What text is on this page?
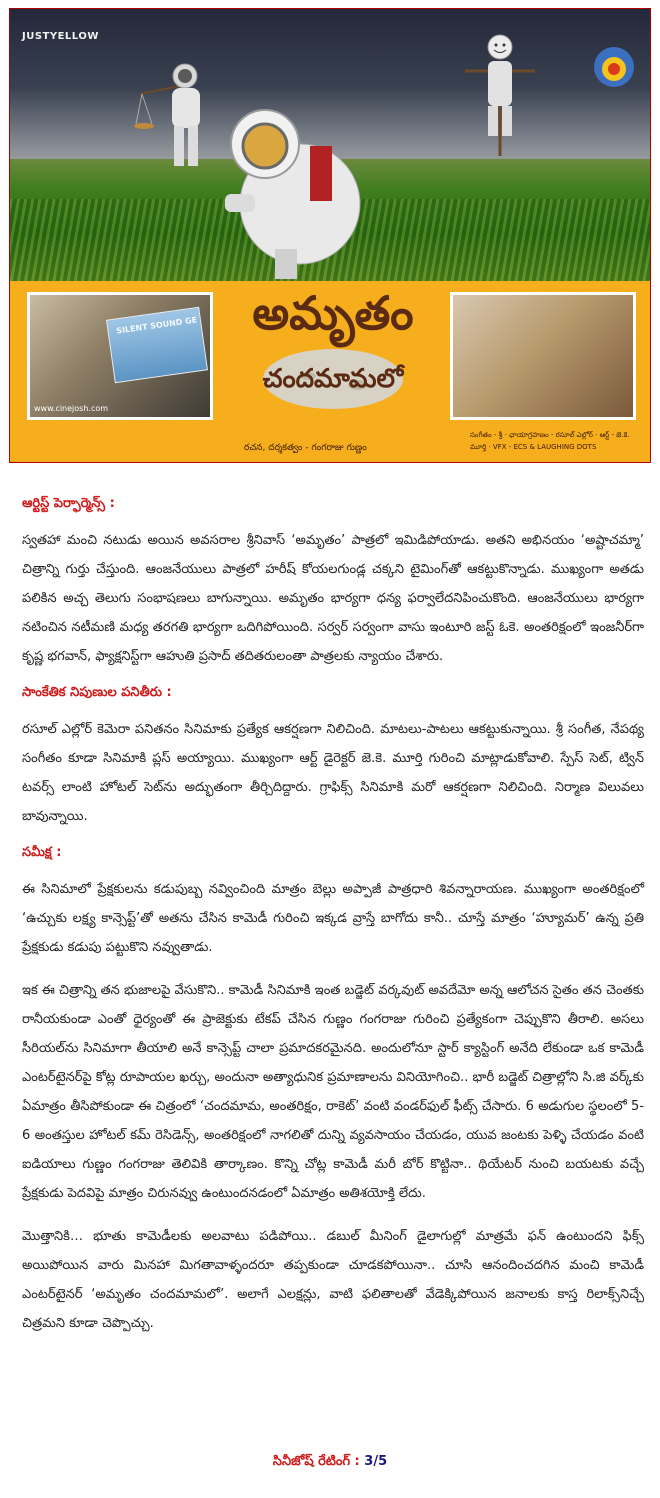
JUSTYELLOW
SILENT SOUND GE
www.cinejosh.com
అమృతం
చందమామలో
రచన, దర్శకత్వం - గంగరాజు గుణ్ణం
సంగీతం - శ్రీ · ఛాయాగ్రహణం - రసూల్ ఎల్లోర్ · ఆర్ట్ - జె.కె. మూర్తి · VFX - ECS & LAUGHING DOTS
ఆర్టిస్ట్ పెర్ఫార్మెన్స్ :

స్వతహా మంచి నటుడు అయిన అవసరాల శ్రీనివాస్ ‘అమృతం’ పాత్రలో ఇమిడిపోయాడు. అతని అభినయం ‘అష్టాచమ్మా’ చిత్రాన్ని గుర్తు చేస్తుంది. ఆంజనేయులు పాత్రలో హరీష్ కోయలగుండ్ల చక్కని టైమింగ్‌తో ఆకట్టుకొన్నాడు. ముఖ్యంగా అతడు పలికిన అచ్చ తెలుగు సంభాషణలు బాగున్నాయి. అమృతం భార్యగా ధన్య ఫర్వాలేదనిపించుకొంది. ఆంజనేయులు భార్యగా నటించిన నటీమణి మధ్య తరగతి భార్యగా ఒదిగిపోయింది. సర్వర్ సర్వంగా వాసు ఇంటూరి జస్ట్ ఓకె. అంతరిక్షంలో ఇంజనీర్‌గా కృష్ణ భగవాన్, ఫ్యాక్షనిస్ట్‌గా ఆహుతి ప్రసాద్ తదితరులంతా పాత్రలకు న్యాయం చేశారు.

సాంకేతిక నిపుణుల పనితీరు :

రసూల్ ఎల్లోర్ కెమెరా పనితనం సినిమాకు ప్రత్యేక ఆకర్షణగా నిలిచింది. మాటలు-పాటలు ఆకట్టుకున్నాయి. శ్రీ సంగీత, నేపథ్య సంగీతం కూడా సినిమాకి ప్లస్ అయ్యాయి. ముఖ్యంగా ఆర్ట్ డైరెక్టర్ జె.కె. మూర్తి గురించి మాట్లాడుకోవాలి. స్పేస్ సెట్, ట్విన్ టవర్స్ లాంటి హోటల్ సెట్‌ను అద్భుతంగా తీర్చిదిద్దారు. గ్రాఫిక్స్ సినిమాకి మరో ఆకర్షణగా నిలిచింది. నిర్మాణ విలువలు బావున్నాయి.

సమీక్ష :

ఈ సినిమాలో ప్రేక్షకులను కడుపుబ్బ నవ్వించింది మాత్రం బెల్లు అప్పాజీ పాత్రధారి శివన్నారాయణ. ముఖ్యంగా అంతరిక్షంలో ‘ఉచ్చుకు లక్ష్య కాన్సెప్ట్’తో అతను చేసిన కామెడీ గురించి ఇక్కడ వ్రాస్తే బాగోదు కానీ.. చూస్తే మాత్రం ‘హ్యూమర్’ ఉన్న ప్రతి ప్రేక్షకుడు కడుపు పట్టుకొని నవ్వుతాడు.

ఇక ఈ చిత్రాన్ని తన భుజాలపై వేసుకొని.. కామెడీ సినిమాకి ఇంత బడ్జెట్ వర్కవుట్ అవదేమో అన్న ఆలోచన సైతం తన చెంతకు రానీయకుండా ఎంతో ధైర్యంతో ఈ ప్రాజెక్టుకు టేకప్ చేసిన గుణ్ణం గంగరాజు గురించి ప్రత్యేకంగా చెప్పుకొని తీరాలి. అసలు సీరియల్‌ను సినిమాగా తీయాలి అనే కాన్సెప్ట్ చాలా ప్రమాదకరమైనది. అందులోనూ స్టార్ క్యాస్టింగ్ అనేది లేకుండా ఒక కామెడీ ఎంటర్‌టైనర్‌పై కోట్ల రూపాయల ఖర్చు, అందునా అత్యాధునిక ప్రమాణాలను వినియోగించి.. భారీ బడ్జెట్ చిత్రాల్లోని సి.జి వర్క్‌కు ఏమాత్రం తీసిపోకుండా ఈ చిత్రంలో ‘చందమామ, అంతరిక్షం, రాకెట్’ వంటి వండర్‌ఫుల్ ఫీట్స్ చేసారు. 6 అడుగుల స్థలంలో 5-6 అంతస్తుల హోటల్ కమ్ రెసిడెన్స్, అంతరిక్షంలో నాగలితో దున్ని వ్యవసాయం చేయడం, యువ జంటకు పెళ్ళి చేయడం వంటి ఐడియాలు గుణ్ణం గంగరాజు తెలివికి తార్కాణం. కొన్ని చోట్ల కామెడీ మరీ బోర్ కొట్టినా.. థియేటర్ నుంచి బయటకు వచ్చే ప్రేక్షకుడు పెదవిపై మాత్రం చిరునవ్వు ఉంటుందనడంలో ఏమాత్రం అతిశయోక్తి లేదు.

మొత్తానికి… భూతు కామెడీలకు అలవాటు పడిపోయి.. డబుల్ మీనింగ్ డైలాగుల్లో మాత్రమే ఫన్ ఉంటుందని ఫిక్స్ అయిపోయిన వారు మినహా మిగతావాళ్ళందరూ తప్పకుండా చూడకపోయినా.. చూసి ఆనందించదగిన మంచి కామెడీ ఎంటర్‌టైనర్ ‘అమృతం చందమామలో’. అలాగే ఎలక్షన్లు, వాటి ఫలితాలతో వేడెక్కిపోయిన జనాలకు కాస్త రిలాక్స్‌నిచ్చే చిత్రమని కూడా చెప్పొచ్చు.

సినీజోష్ రేటింగ్ : 3/5
